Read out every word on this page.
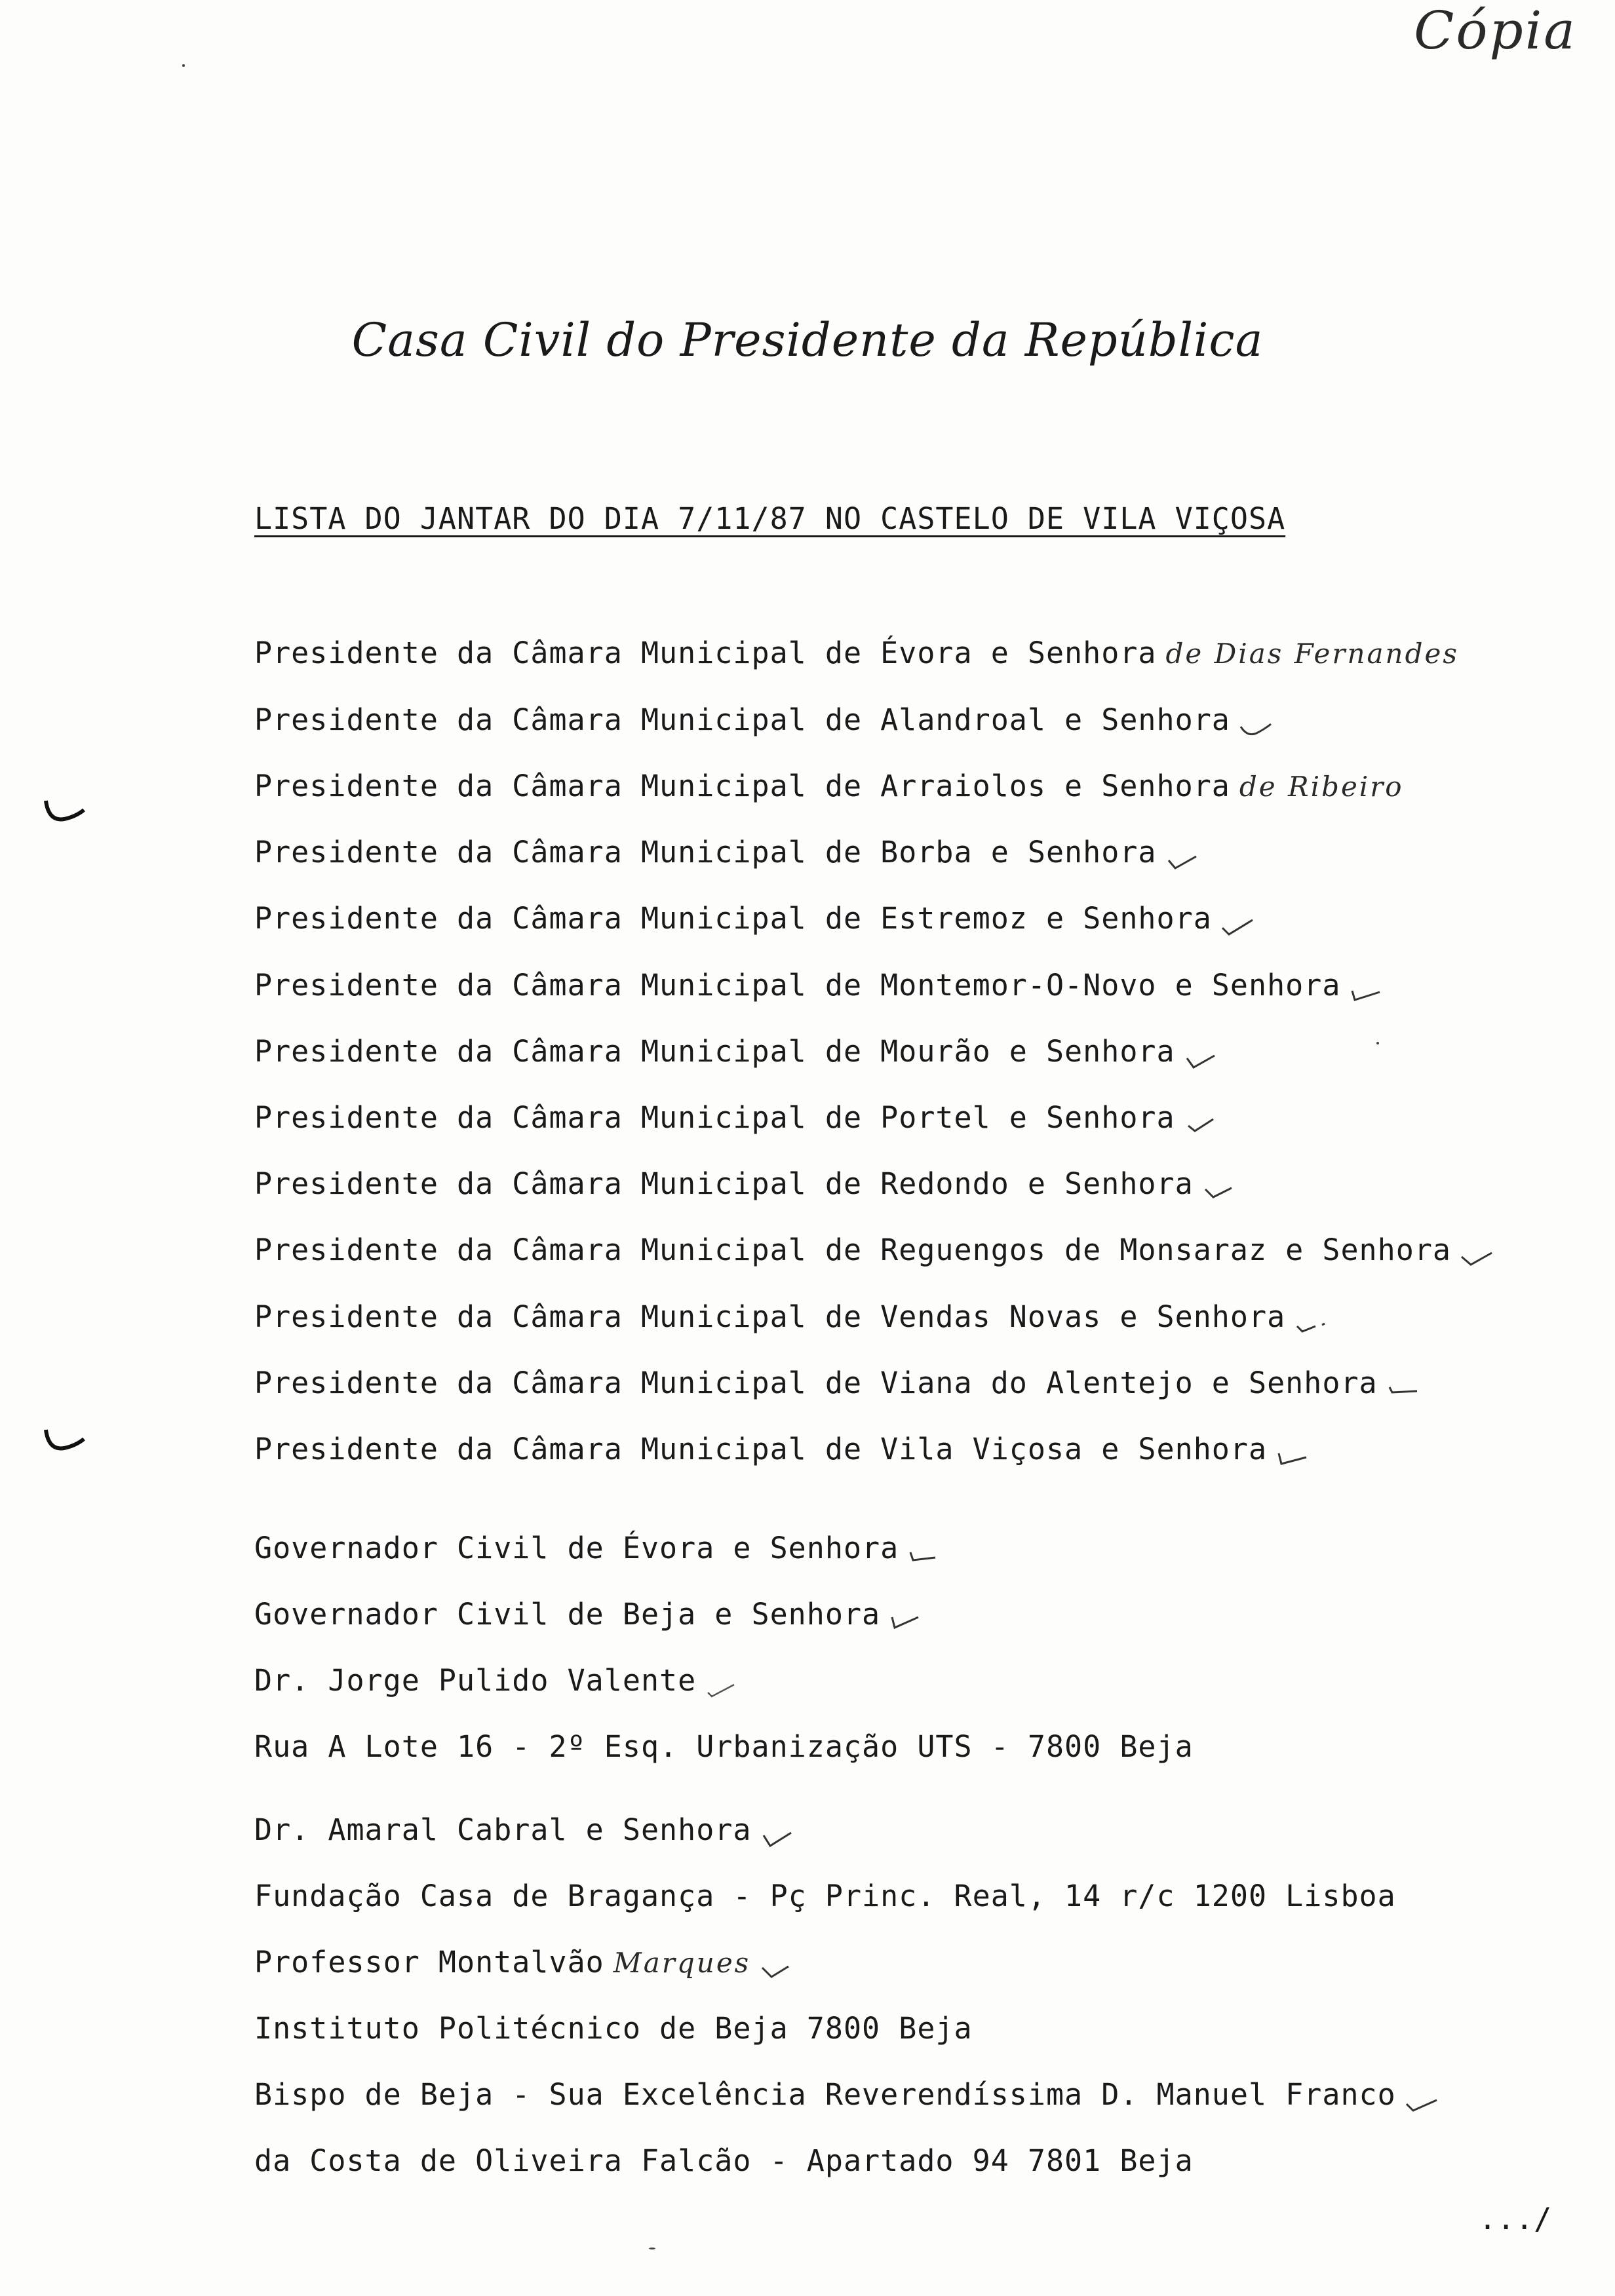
Cópia
Casa Civil do Presidente da República
LISTA DO JANTAR DO DIA 7/11/87 NO CASTELO DE VILA VIÇOSA
Presidente da Câmara Municipal de Évora e Senhora de Dias Fernandes
Presidente da Câmara Municipal de Alandroal e Senhora
Presidente da Câmara Municipal de Arraiolos e Senhora de Ribeiro
Presidente da Câmara Municipal de Borba e Senhora
Presidente da Câmara Municipal de Estremoz e Senhora
Presidente da Câmara Municipal de Montemor-O-Novo e Senhora
Presidente da Câmara Municipal de Mourão e Senhora
Presidente da Câmara Municipal de Portel e Senhora
Presidente da Câmara Municipal de Redondo e Senhora
Presidente da Câmara Municipal de Reguengos de Monsaraz e Senhora
Presidente da Câmara Municipal de Vendas Novas e Senhora
Presidente da Câmara Municipal de Viana do Alentejo e Senhora
Presidente da Câmara Municipal de Vila Viçosa e Senhora
Governador Civil de Évora e Senhora
Governador Civil de Beja e Senhora
Dr. Jorge Pulido Valente
Rua A Lote 16 - 2º Esq. Urbanização UTS - 7800 Beja
Dr. Amaral Cabral e Senhora
Fundação Casa de Bragança - Pç Princ. Real, 14 r/c 1200 Lisboa
Professor Montalvão Marques
Instituto Politécnico de Beja 7800 Beja
Bispo de Beja - Sua Excelência Reverendíssima D. Manuel Franco
da Costa de Oliveira Falcão - Apartado 94 7801 Beja
.../
